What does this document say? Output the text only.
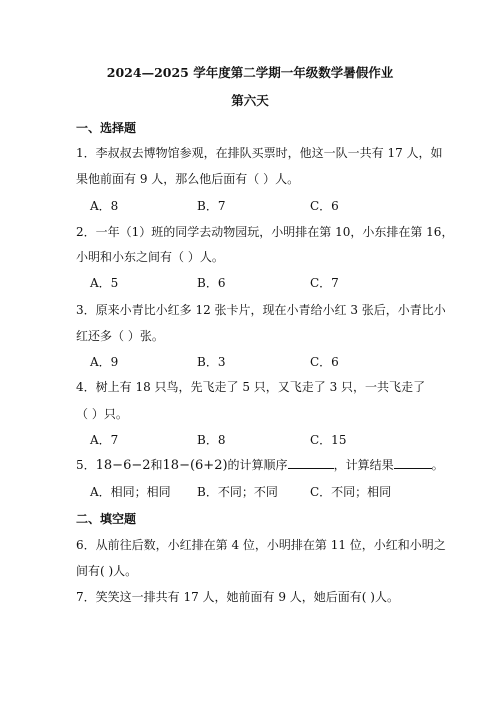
2024—2025 学年度第二学期一年级数学暑假作业
第六天
一、选择题
1．李叔叔去博物馆参观，在排队买票时，他这一队一共有 17 人，如
果他前面有 9 人，那么他后面有（ ）人。
A．8	B．7	C．6
2．一年（1）班的同学去动物园玩，小明排在第 10，小东排在第 16，
小明和小东之间有（ ）人。
A．5	B．6	C．7
3．原来小青比小红多 12 张卡片，现在小青给小红 3 张后，小青比小
红还多（ ）张。
A．9	B．3	C．6
4．树上有 18 只鸟，先飞走了 5 只，又飞走了 3 只，一共飞走了
（ ）只。
A．7	B．8	C．15
5．18−6−2和18−(6+2)的计算顺序	，计算结果	。
A．相同；相同 B．不同；不同	C．不同；相同
二、填空题
6．从前往后数，小红排在第 4 位，小明排在第 11 位，小红和小明之
间有( )人。
7．笑笑这一排共有 17 人，她前面有 9 人，她后面有( )人。
